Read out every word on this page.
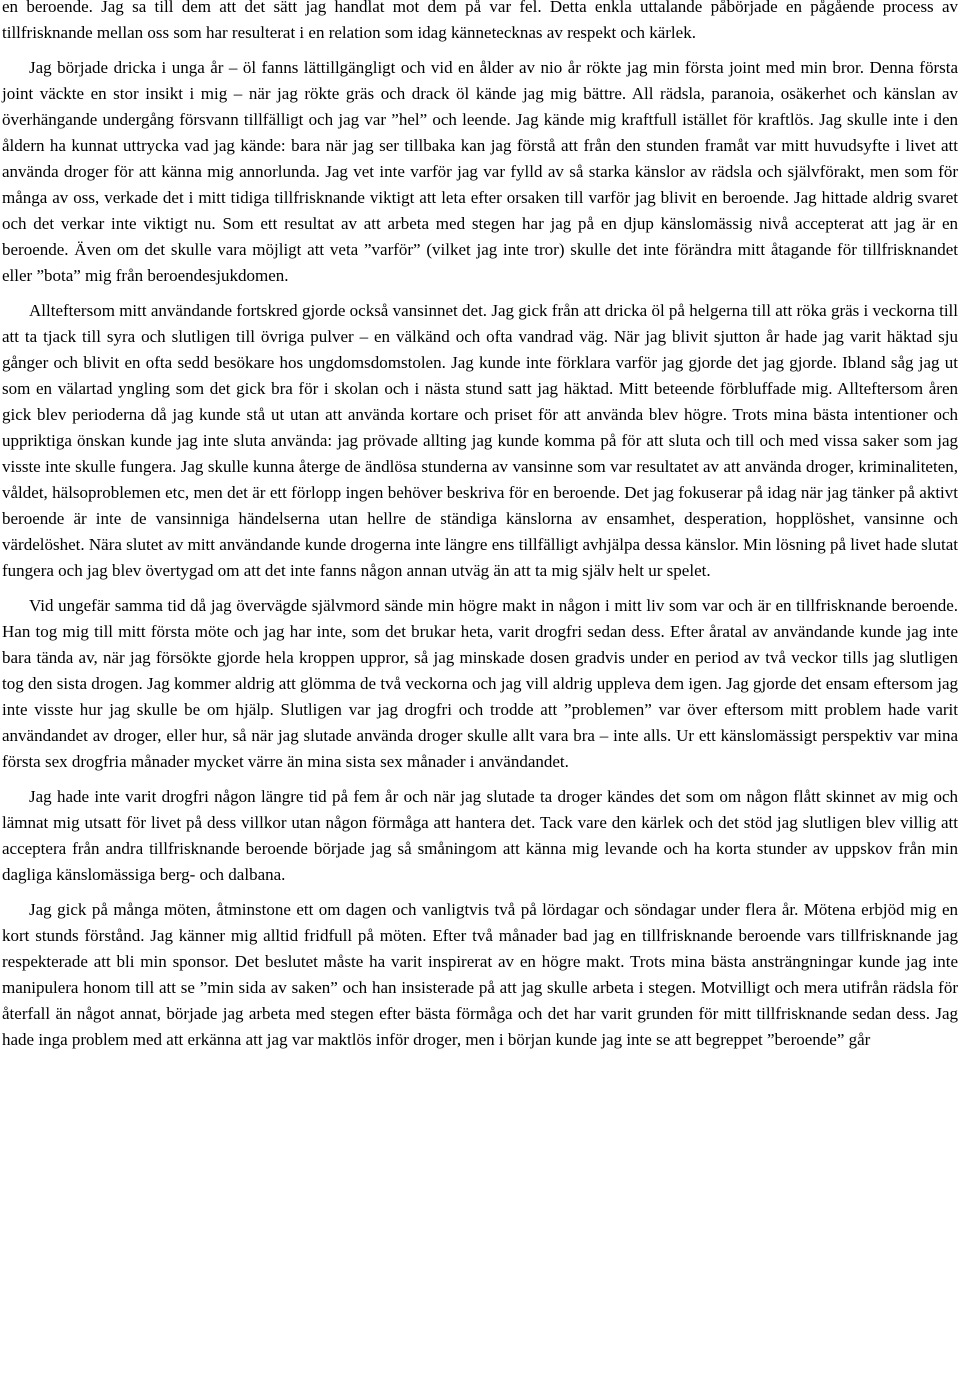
en beroende. Jag sa till dem att det sätt jag handlat mot dem på var fel. Detta enkla uttalande påbörjade en pågående process av tillfrisknande mellan oss som har resulterat i en relation som idag kännetecknas av respekt och kärlek.

Jag började dricka i unga år – öl fanns lättillgängligt och vid en ålder av nio år rökte jag min första joint med min bror. Denna första joint väckte en stor insikt i mig – när jag rökte gräs och drack öl kände jag mig bättre. All rädsla, paranoia, osäkerhet och känslan av överhängande undergång försvann tillfälligt och jag var ”hel” och leende. Jag kände mig kraftfull istället för kraftlös. Jag skulle inte i den åldern ha kunnat uttrycka vad jag kände: bara när jag ser tillbaka kan jag förstå att från den stunden framåt var mitt huvudsyfte i livet att använda droger för att känna mig annorlunda. Jag vet inte varför jag var fylld av så starka känslor av rädsla och självförakt, men som för många av oss, verkade det i mitt tidiga tillfrisknande viktigt att leta efter orsaken till varför jag blivit en beroende. Jag hittade aldrig svaret och det verkar inte viktigt nu. Som ett resultat av att arbeta med stegen har jag på en djup känslomässig nivå accepterat att jag är en beroende. Även om det skulle vara möjligt att veta ”varför” (vilket jag inte tror) skulle det inte förändra mitt åtagande för tillfrisknandet eller ”bota” mig från beroendesjukdomen.

Allteftersom mitt användande fortskred gjorde också vansinnet det. Jag gick från att dricka öl på helgerna till att röka gräs i veckorna till att ta tjack till syra och slutligen till övriga pulver – en välkänd och ofta vandrad väg. När jag blivit sjutton år hade jag varit häktad sju gånger och blivit en ofta sedd besökare hos ungdomsdomstolen. Jag kunde inte förklara varför jag gjorde det jag gjorde. Ibland såg jag ut som en välartad yngling som det gick bra för i skolan och i nästa stund satt jag häktad. Mitt beteende förbluffade mig. Allteftersom åren gick blev perioderna då jag kunde stå ut utan att använda kortare och priset för att använda blev högre. Trots mina bästa intentioner och uppriktiga önskan kunde jag inte sluta använda: jag prövade allting jag kunde komma på för att sluta och till och med vissa saker som jag visste inte skulle fungera. Jag skulle kunna återge de ändlösa stunderna av vansinne som var resultatet av att använda droger, kriminaliteten, våldet, hälsoproblemen etc, men det är ett förlopp ingen behöver beskriva för en beroende. Det jag fokuserar på idag när jag tänker på aktivt beroende är inte de vansinniga händelserna utan hellre de ständiga känslorna av ensamhet, desperation, hopplöshet, vansinne och värdelöshet. Nära slutet av mitt användande kunde drogerna inte längre ens tillfälligt avhjälpa dessa känslor. Min lösning på livet hade slutat fungera och jag blev övertygad om att det inte fanns någon annan utväg än att ta mig själv helt ur spelet.

Vid ungefär samma tid då jag övervägde självmord sände min högre makt in någon i mitt liv som var och är en tillfrisknande beroende. Han tog mig till mitt första möte och jag har inte, som det brukar heta, varit drogfri sedan dess. Efter åratal av användande kunde jag inte bara tända av, när jag försökte gjorde hela kroppen uppror, så jag minskade dosen gradvis under en period av två veckor tills jag slutligen tog den sista drogen. Jag kommer aldrig att glömma de två veckorna och jag vill aldrig uppleva dem igen. Jag gjorde det ensam eftersom jag inte visste hur jag skulle be om hjälp. Slutligen var jag drogfri och trodde att ”problemen” var över eftersom mitt problem hade varit användandet av droger, eller hur, så när jag slutade använda droger skulle allt vara bra – inte alls. Ur ett känslomässigt perspektiv var mina första sex drogfria månader mycket värre än mina sista sex månader i användandet.

Jag hade inte varit drogfri någon längre tid på fem år och när jag slutade ta droger kändes det som om någon flått skinnet av mig och lämnat mig utsatt för livet på dess villkor utan någon förmåga att hantera det. Tack vare den kärlek och det stöd jag slutligen blev villig att acceptera från andra tillfrisknande beroende började jag så småningom att känna mig levande och ha korta stunder av uppskov från min dagliga känslomässiga berg- och dalbana.

Jag gick på många möten, åtminstone ett om dagen och vanligtvis två på lördagar och söndagar under flera år. Mötena erbjöd mig en kort stunds förstånd. Jag känner mig alltid fridfull på möten. Efter två månader bad jag en tillfrisknande beroende vars tillfrisknande jag respekterade att bli min sponsor. Det beslutet måste ha varit inspirerat av en högre makt. Trots mina bästa ansträngningar kunde jag inte manipulera honom till att se ”min sida av saken” och han insisterade på att jag skulle arbeta i stegen. Motvilligt och mera utifrån rädsla för återfall än något annat, började jag arbeta med stegen efter bästa förmåga och det har varit grunden för mitt tillfrisknande sedan dess. Jag hade inga problem med att erkänna att jag var maktlös inför droger, men i början kunde jag inte se att begreppet ”beroende” går
